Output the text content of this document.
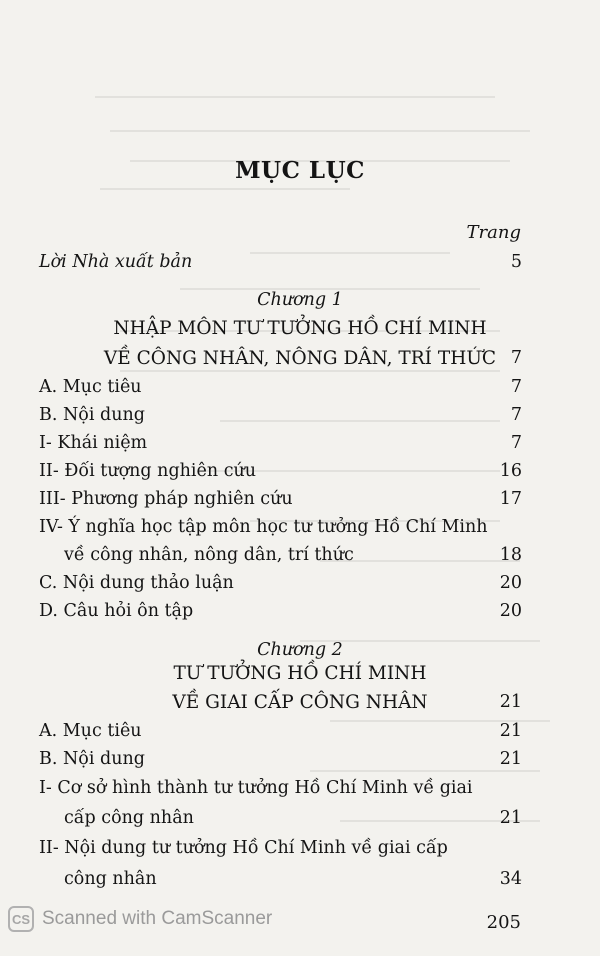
MỤC LỤC
Trang
Lời Nhà xuất bản	5
Chương 1
NHẬP MÔN TƯ TƯỞNG HỒ CHÍ MINH
VỀ CÔNG NHÂN, NÔNG DÂN, TRÍ THỨC 7
A. Mục tiêu	7
B. Nội dung	7
I- Khái niệm	7
II- Đối tượng nghiên cứu	16
III- Phương pháp nghiên cứu	17
IV- Ý nghĩa học tập môn học tư tưởng Hồ Chí Minh
về công nhân, nông dân, trí thức	18
C. Nội dung thảo luận	20
D. Câu hỏi ôn tập	20
Chương 2
TƯ TƯỞNG HỒ CHÍ MINH
VỀ GIAI CẤP CÔNG NHÂN	21
A. Mục tiêu	21
B. Nội dung	21
I- Cơ sở hình thành tư tưởng Hồ Chí Minh về giai
cấp công nhân	21
II- Nội dung tư tưởng Hồ Chí Minh về giai cấp
công nhân	34
CS Scanned with CamScanner	205
